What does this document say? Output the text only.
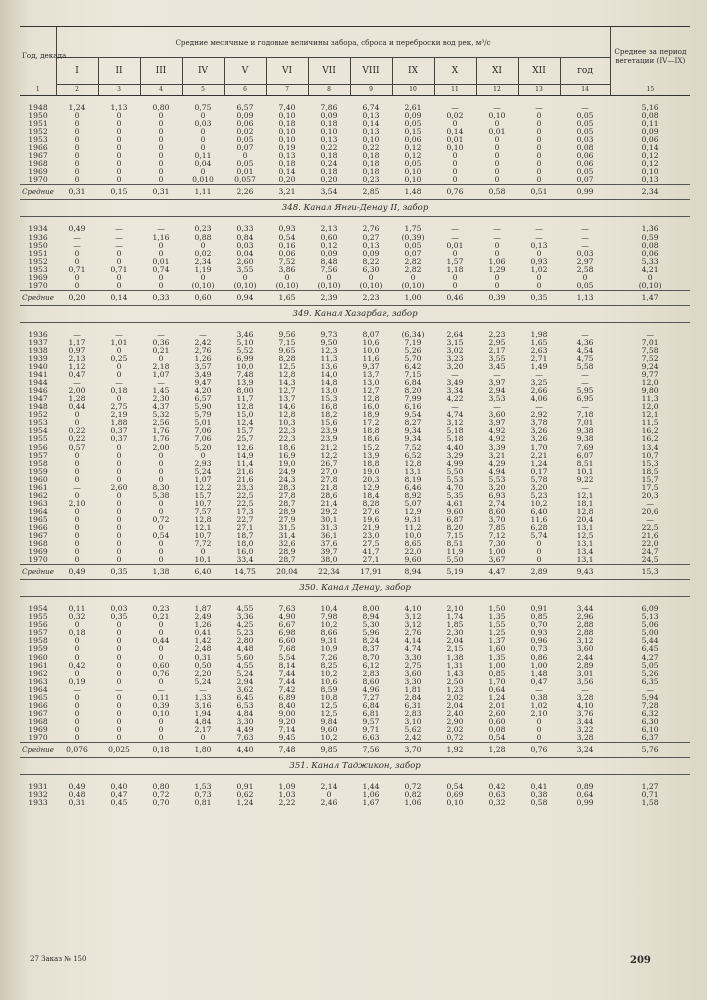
Год, декада	Средние месячные и годовые величины забора, сброса и переброски вод рек, м³/с													Среднее за период вегетации (IV—IX)
	I	II	III	IV	V	VI	VII	VIII	IX	X	XI	XII	год	
1	2	3	4	5	6	7	8	9	10	11	12	13	14	15

1948	1,24	1,13	0,80	0,75	6,57	7,40	7,86	6,74	2,61	—	—	—	—	5,16
1950	0	0	0	0	0,09	0,10	0,09	0,13	0,09	0,02	0,10	0	0,05	0,08
1951	0	0	0	0,03	0,06	0,18	0,18	0,14	0,05	0	0	0	0,05	0,11
1952	0	0	0	0	0,02	0,10	0,10	0,13	0,15	0,14	0,01	0	0,05	0,09
1953	0	0	0	0	0,05	0,10	0,13	0,10	0,06	0,01	0	0	0,03	0,06
1966	0	0	0	0	0,07	0,19	0,22	0,22	0,12	0,10	0	0	0,08	0,14
1967	0	0	0	0,11	0	0,13	0,18	0,18	0,12	0	0	0	0,06	0,12
1968	0	0	0	0,04	0,05	0,18	0,24	0,18	0,05	0	0	0	0,06	0,12
1969	0	0	0	0	0,01	0,14	0,18	0,18	0,10	0	0	0	0,05	0,10
1970	0	0	0	0,010	0,057	0,20	0,20	0,23	0,10	0	0	0	0,07	0,13
Средние	0,31	0,15	0,31	1,11	2,26	3,21	3,54	2,85	1,48	0,76	0,58	0,51	0,99	2,34
348. Канал Янги-Денау II, забор														

1934	0,49	—	—	0,23	0,33	0,93	2,13	2,76	1,75	—	—	—	—	1,36
1936	—	—	1,16	0,88	0,84	0,54	0,60	0,27	(0,39)	—	—	—	—	0,59
1950	—	—	0	0	0,03	0,16	0,12	0,13	0,05	0,01	0	0,13	—	0,08
1951	0	0	0	0,02	0,04	0,06	0,09	0,09	0,07	0	0	0	0,03	0,06
1952	0	0	0,01	2,34	2,60	7,52	8,48	8,22	2,82	1,57	1,06	0,93	2,97	5,33
1953	0,71	0,71	0,74	1,19	3,55	3,86	7,56	6,30	2,82	1,18	1,29	1,02	2,58	4,21
1969	0	0	0	0	0	0	0	0	0	0	0	0	0	0
1970	0	0	0	(0,10)	(0,10)	(0,10)	(0,10)	(0,10)	(0,10)	0	0	0	0,05	(0,10)
Средние	0,20	0,14	0,33	0,60	0,94	1,65	2,39	2,23	1,00	0,46	0,39	0,35	1,13	1,47
349. Канал Хазарбаг, забор														

1936	—	—	—	—	3,46	9,56	9,73	8,07	(6,34)	2,64	2,23	1,98	—	—
1937	1,17	1,01	0,36	2,42	5,10	7,15	9,50	10,6	7,19	3,15	2,95	1,65	4,36	7,01
1938	0,97	0	0,21	2,76	5,52	9,65	12,3	10,0	5,26	3,02	2,17	2,63	4,54	7,58
1939	2,13	0,25	0	1,26	6,99	8,28	11,3	11,6	5,70	3,23	3,55	2,71	4,75	7,52
1940	1,12	0	2,18	3,57	10,0	12,5	13,6	9,37	6,42	3,20	3,45	1,49	5,58	9,24
1941	0,47	0	1,07	3,49	7,48	12,8	14,0	13,7	7,15	—	—	—	—	9,77
1944	—	—	—	9,47	13,9	14,3	14,8	13,0	6,84	3,49	3,97	3,25	—	12,0
1946	2,00	0,18	1,45	4,20	8,00	12,7	13,0	12,7	8,20	3,34	2,94	2,66	5,95	9,80
1947	1,28	0	2,30	6,57	11,7	13,7	15,3	12,8	7,99	4,22	3,53	4,06	6,95	11,3
1948	0,44	2,75	4,37	5,90	12,8	14,6	16,8	16,0	6,16	—	—	—	—	12,0
1952	0	2,19	5,32	5,79	15,0	12,8	18,2	18,9	9,54	4,74	3,60	2,92	7,18	12,1
1953	0	1,88	2,56	5,01	12,4	10,3	15,6	17,2	8,27	3,12	3,97	3,78	7,01	11,5
1954	0,22	0,37	1,76	7,06	15,7	22,3	23,9	18,8	9,34	5,18	4,92	3,26	9,38	16,2
1955	0,22	0,37	1,76	7,06	25,7	22,3	23,9	18,6	9,34	5,18	4,92	3,26	9,38	16,2
1956	0,57	0	2,00	5,20	12,6	18,6	21,2	15,2	7,52	4,40	3,39	1,70	7,69	13,4
1957	0	0	0	0	14,9	16,9	12,2	13,9	6,52	3,29	3,21	2,21	6,07	10,7
1958	0	0	0	2,93	11,4	19,0	26,7	18,8	12,8	4,99	4,29	1,24	8,51	15,3
1959	0	0	0	5,24	21,6	24,9	27,0	19,0	13,1	5,50	4,94	0,17	10,1	18,5
1960	0	0	0	1,07	21,6	24,3	27,8	20,3	8,19	5,53	5,53	5,78	9,22	15,7
1961	—	2,60	8,30	12,2	23,3	28,3	21,8	12,9	6,46	4,70	3,20	3,20	—	17,5
1962	0	0	5,38	15,7	22,5	27,8	28,6	18,4	8,92	5,35	6,93	5,23	12,1	20,3
1963	2,10	0	0	10,7	22,5	28,7	21,4	8,28	5,07	4,61	2,74	10,2	18,1	—
1964	0	0	0	7,57	17,3	28,9	29,2	27,6	12,9	9,60	8,60	6,40	12,8	20,6
1965	0	0	0,72	12,8	22,7	27,9	30,1	19,6	9,31	6,87	3,70	11,6	20,4	—
1966	0	0	0	12,1	27,1	31,5	31,3	21,9	11,2	8,20	7,85	6,28	13,1	22,5
1967	0	0	0,54	10,7	18,7	31,4	36,1	23,0	10,0	7,15	7,12	5,74	12,5	21,6
1968	0	0	0	7,72	18,0	32,6	37,6	27,5	8,65	8,51	7,30	0	13,1	22,0
1969	0	0	0	0	16,0	28,9	39,7	41,7	22,0	11,9	1,00	0	13,4	24,7
1970	0	0	0	10,1	33,4	28,7	38,0	27,1	9,60	5,50	3,67	0	13,1	24,5
Средние	0,49	0,35	1,38	6,40	14,75	20,04	22,34	17,91	8,94	5,19	4,47	2,89	9,43	15,3
350. Канал Денау, забор														

1954	0,11	0,03	0,23	1,87	4,55	7,63	10,4	8,00	4,10	2,10	1,50	0,91	3,44	6,09
1955	0,32	0,35	0,21	2,49	3,36	4,90	7,98	8,94	3,12	1,74	1,35	0,85	2,96	5,13
1956	0	0	0	1,26	4,25	6,67	10,2	5,30	3,12	1,85	1,55	0,70	2,88	5,06
1957	0,18	0	0	0,41	5,23	6,98	8,66	5,96	2,76	2,30	1,25	0,93	2,88	5,00
1958	0	0	0,44	1,42	2,80	6,60	9,31	8,24	4,14	2,04	1,37	0,96	3,12	5,44
1959	0	0	0	2,48	4,48	7,68	10,9	8,37	4,74	2,15	1,60	0,73	3,60	6,45
1960	0	0	0	0,31	5,60	5,54	7,26	8,70	3,30	1,38	1,35	0,86	2,44	4,27
1961	0,42	0	0,60	0,50	4,55	8,14	8,25	6,12	2,75	1,31	1,00	1,00	2,89	5,05
1962	0	0	0,76	2,20	5,24	7,44	10,2	2,83	3,60	1,43	0,85	1,48	3,01	5,26
1963	0,19	0	0	5,24	2,94	7,44	10,6	8,60	3,30	2,50	1,70	0,47	3,56	6,35
1964	—	—	—	—	3,62	7,42	8,59	4,96	1,81	1,23	0,64	—	—	—
1965	0	0	0,11	1,33	6,45	6,89	10,8	7,27	2,84	2,02	1,24	0,38	3,28	5,94
1966	0	0	0,39	3,16	6,53	8,40	12,5	6,84	6,31	2,04	2,01	1,02	4,10	7,28
1967	0	0	0,10	1,94	4,84	9,00	12,5	6,81	2,83	2,40	2,60	2,10	3,76	6,32
1968	0	0	0	4,84	3,30	9,20	9,84	9,57	3,10	2,90	0,60	0	3,44	6,30
1969	0	0	0	2,17	4,49	7,14	9,60	9,71	5,62	2,02	0,08	0	3,22	6,10
1970	0	0	0	0	7,63	9,45	10,2	6,63	2,42	0,72	0,54	0	3,28	6,37
Средние	0,076	0,025	0,18	1,80	4,40	7,48	9,85	7,56	3,70	1,92	1,28	0,76	3,24	5,76
351. Канал Таджикон, забор														

1931	0,49	0,40	0,80	1,53	0,91	1,09	2,14	1,44	0,72	0,54	0,42	0,41	0,89	1,27
1932	0,48	0,47	0,72	0,73	0,62	1,03	0	1,06	0,82	0,69	0,63	0,38	0,64	0,71
1933	0,31	0,45	0,70	0,81	1,24	2,22	2,46	1,67	1,06	0,10	0,32	0,58	0,99	1,58
27 Заказ № 150	209
